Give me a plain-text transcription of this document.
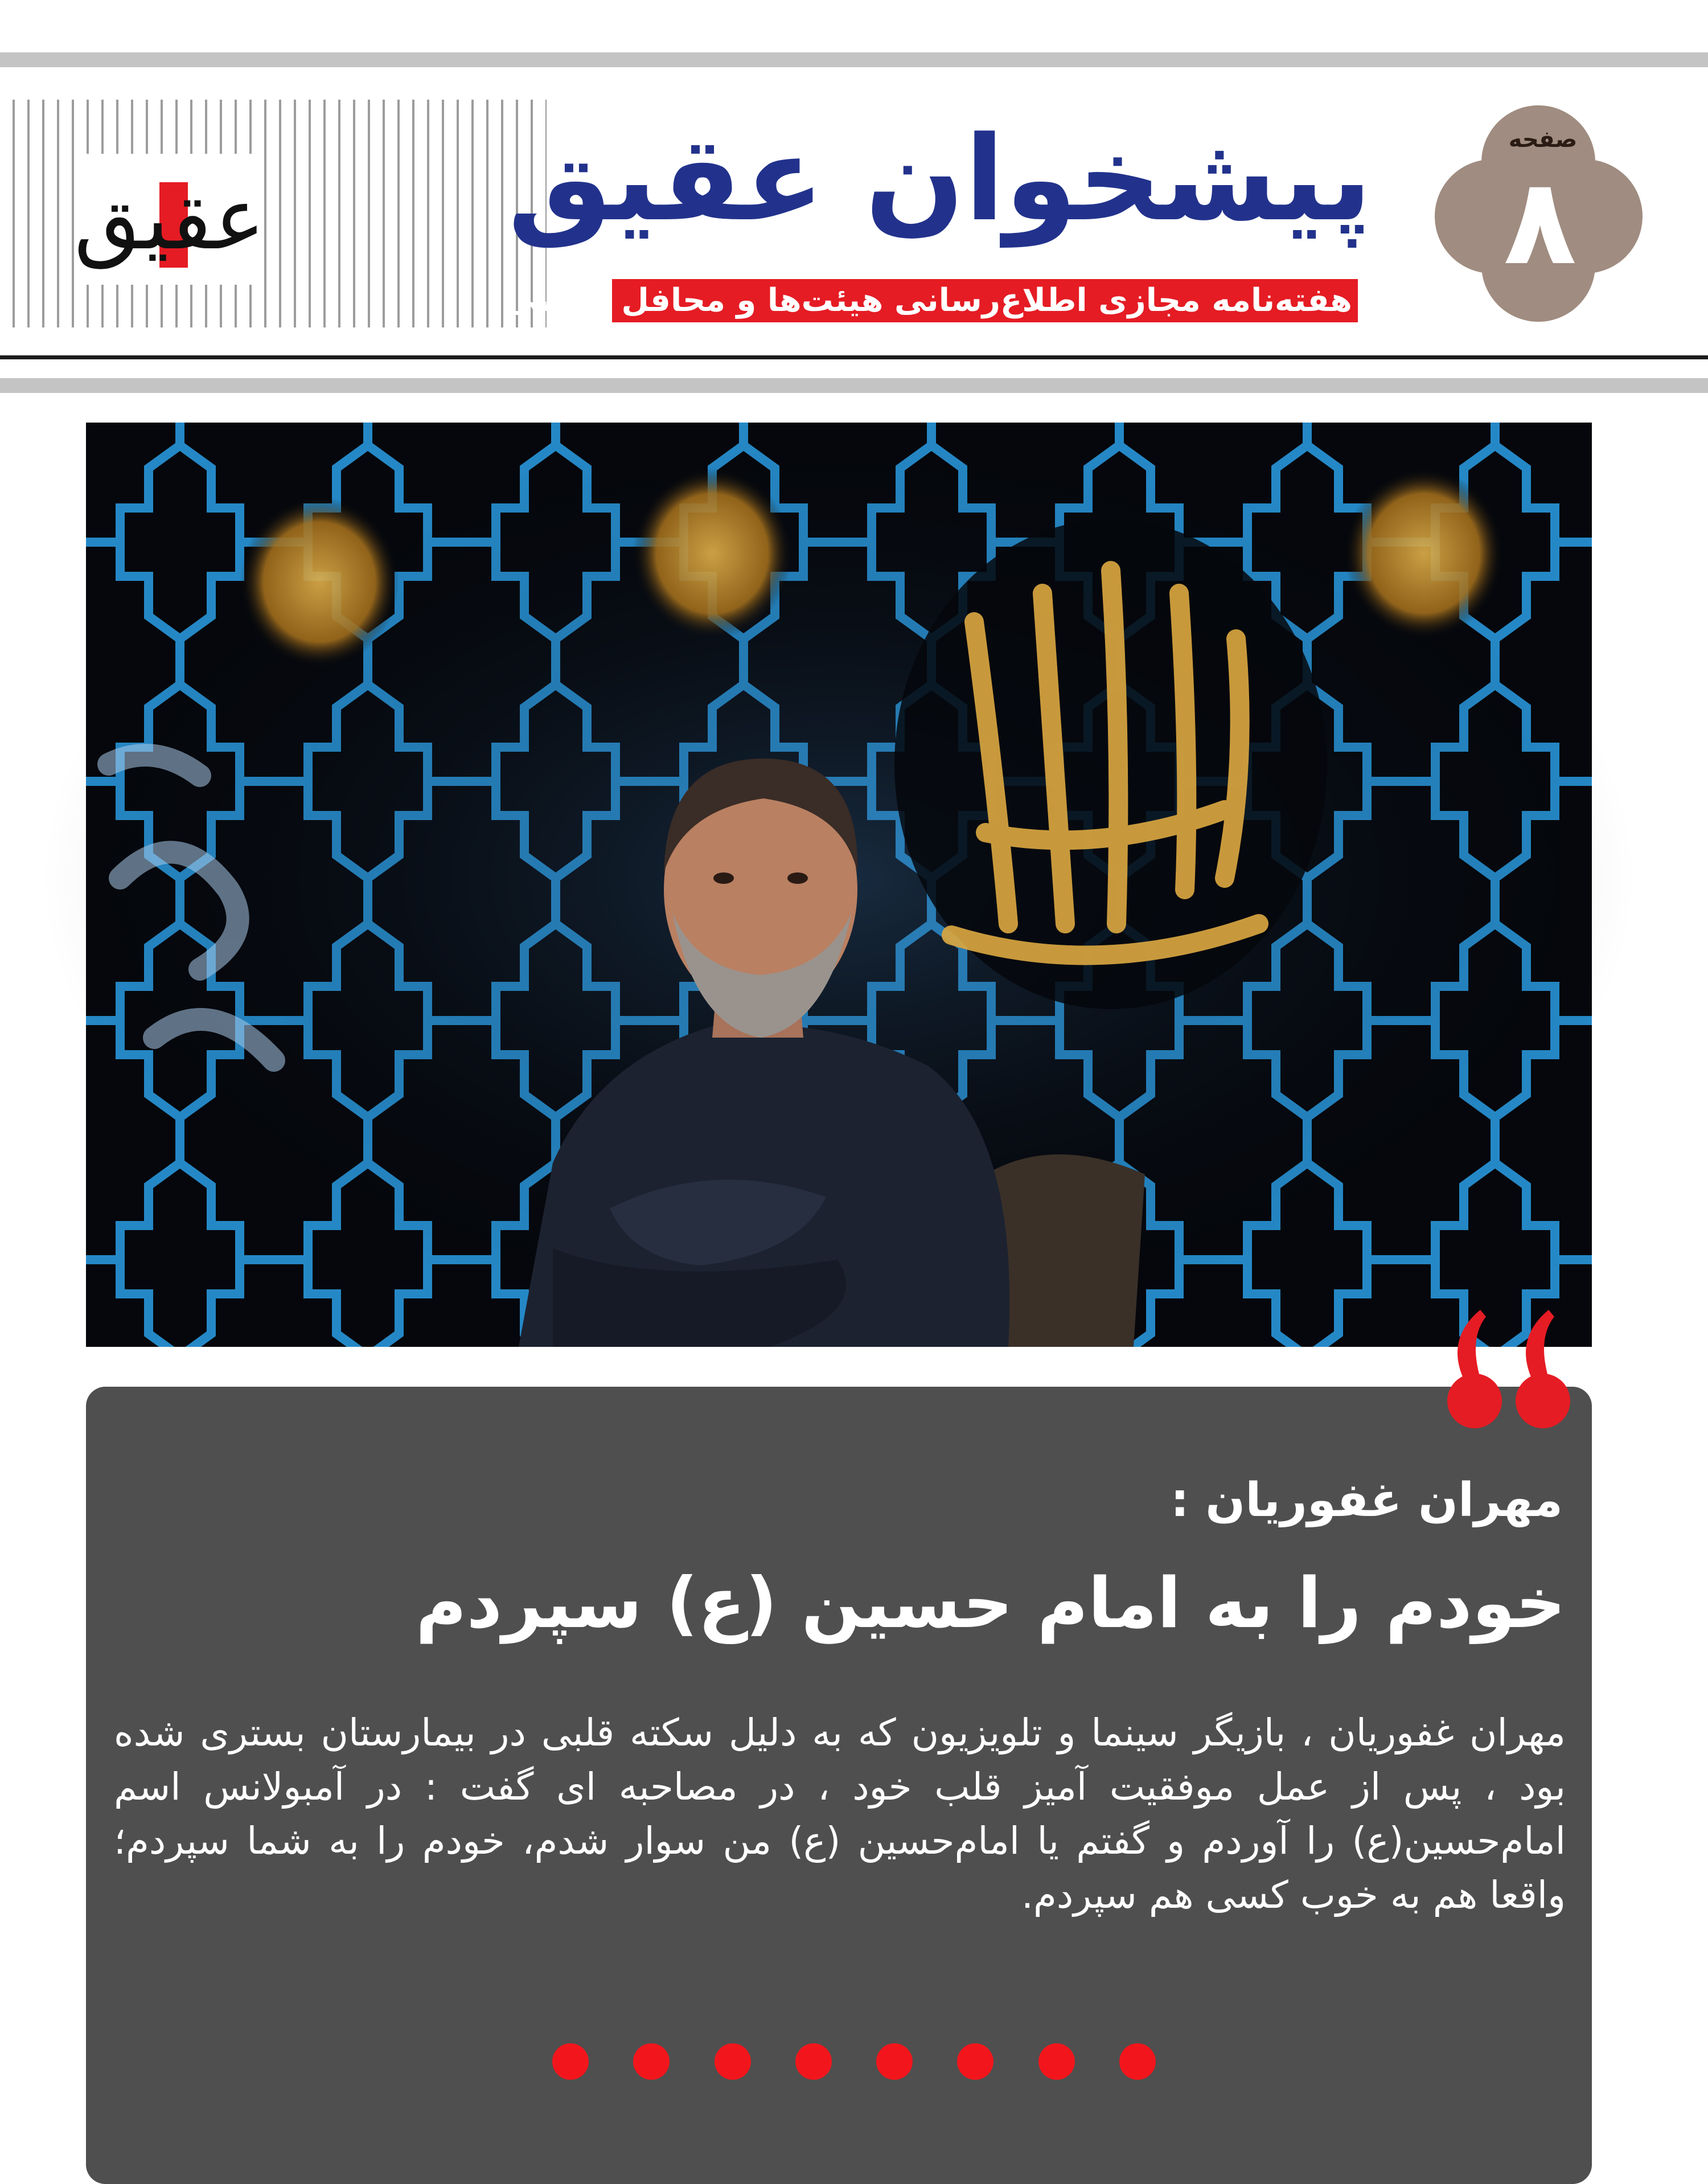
عقیق پیشخوان عقیق
هفته‌نامه مجازی اطلاع‌رسانی هیئت‌ها و محافل مذهبی
صفحه
۸
مهران غفوریان :
خودم را به امام حسین (ع) سپردم
مهران غفوریان ، بازیگر سینما و تلویزیون که به دلیل سکته قلبی در بیمارستان بستری شده بود ، پس از عمل موفقیت آمیز قلب خود ، در مصاحبه ای گفت : در آمبولانس اسم امام‌حسین(ع) را آوردم و گفتم یا امام‌حسین (ع) من سوار شدم، خودم را به شما سپردم؛ واقعا هم به خوب کسی هم سپردم.
